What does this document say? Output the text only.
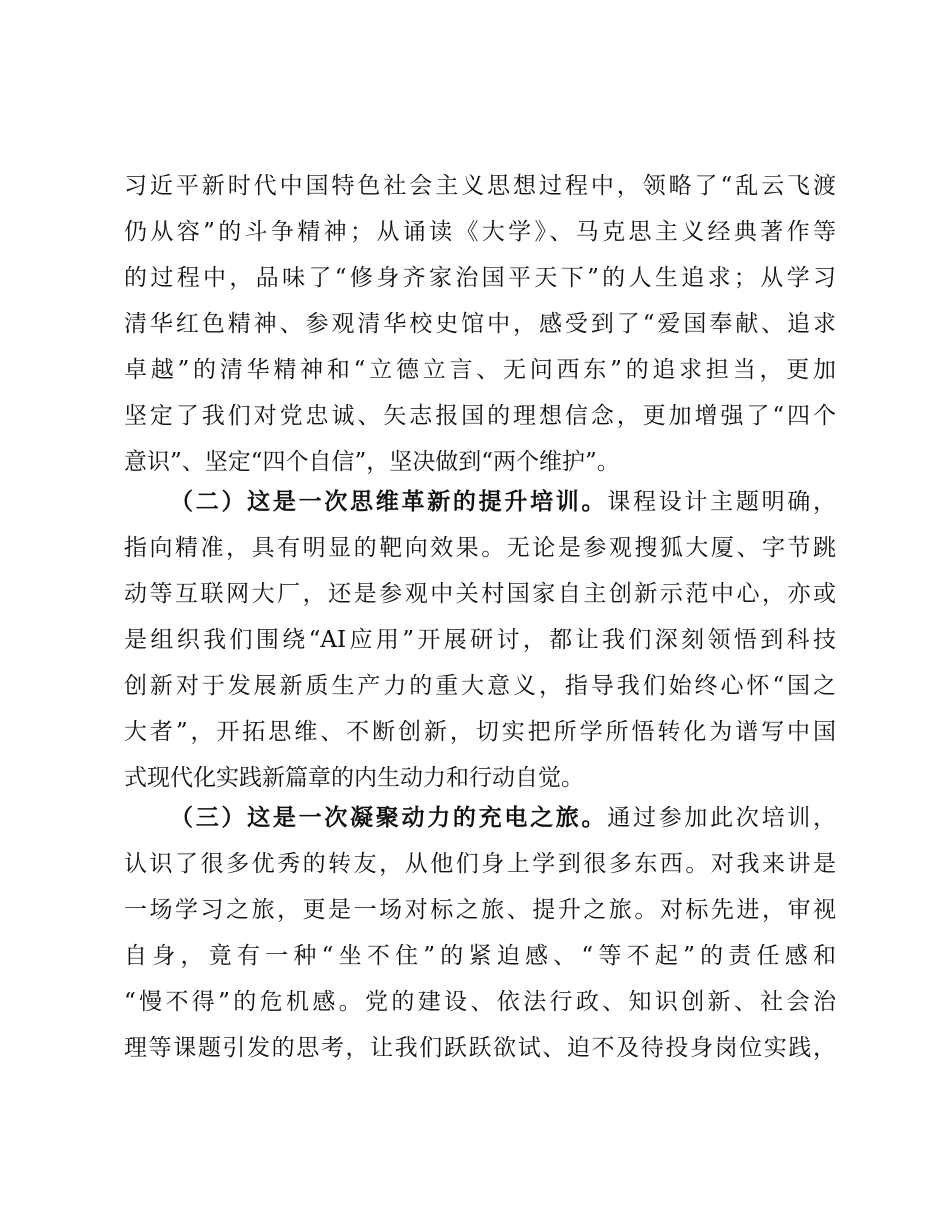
习近平新时代中国特色社会主义思想过程中，领略了“乱云飞渡
仍从容”的斗争精神；从诵读《大学》、马克思主义经典著作等
的过程中，品味了“修身齐家治国平天下”的人生追求；从学习
清华红色精神、参观清华校史馆中，感受到了“爱国奉献、追求
卓越”的清华精神和“立德立言、无问西东”的追求担当，更加
坚定了我们对党忠诚、矢志报国的理想信念，更加增强了“四个
意识”、坚定“四个自信”，坚决做到“两个维护”。
（二）这是一次思维革新的提升培训。课程设计主题明确，
指向精准，具有明显的靶向效果。无论是参观搜狐大厦、字节跳
动等互联网大厂，还是参观中关村国家自主创新示范中心，亦或
是组织我们围绕“AI应用”开展研讨，都让我们深刻领悟到科技
创新对于发展新质生产力的重大意义，指导我们始终心怀“国之
大者”，开拓思维、不断创新，切实把所学所悟转化为谱写中国
式现代化实践新篇章的内生动力和行动自觉。
（三）这是一次凝聚动力的充电之旅。通过参加此次培训，
认识了很多优秀的转友，从他们身上学到很多东西。对我来讲是
一场学习之旅，更是一场对标之旅、提升之旅。对标先进，审视
自身，竟有一种“坐不住”的紧迫感、“等不起”的责任感和
“慢不得”的危机感。党的建设、依法行政、知识创新、社会治
理等课题引发的思考，让我们跃跃欲试、迫不及待投身岗位实践，
